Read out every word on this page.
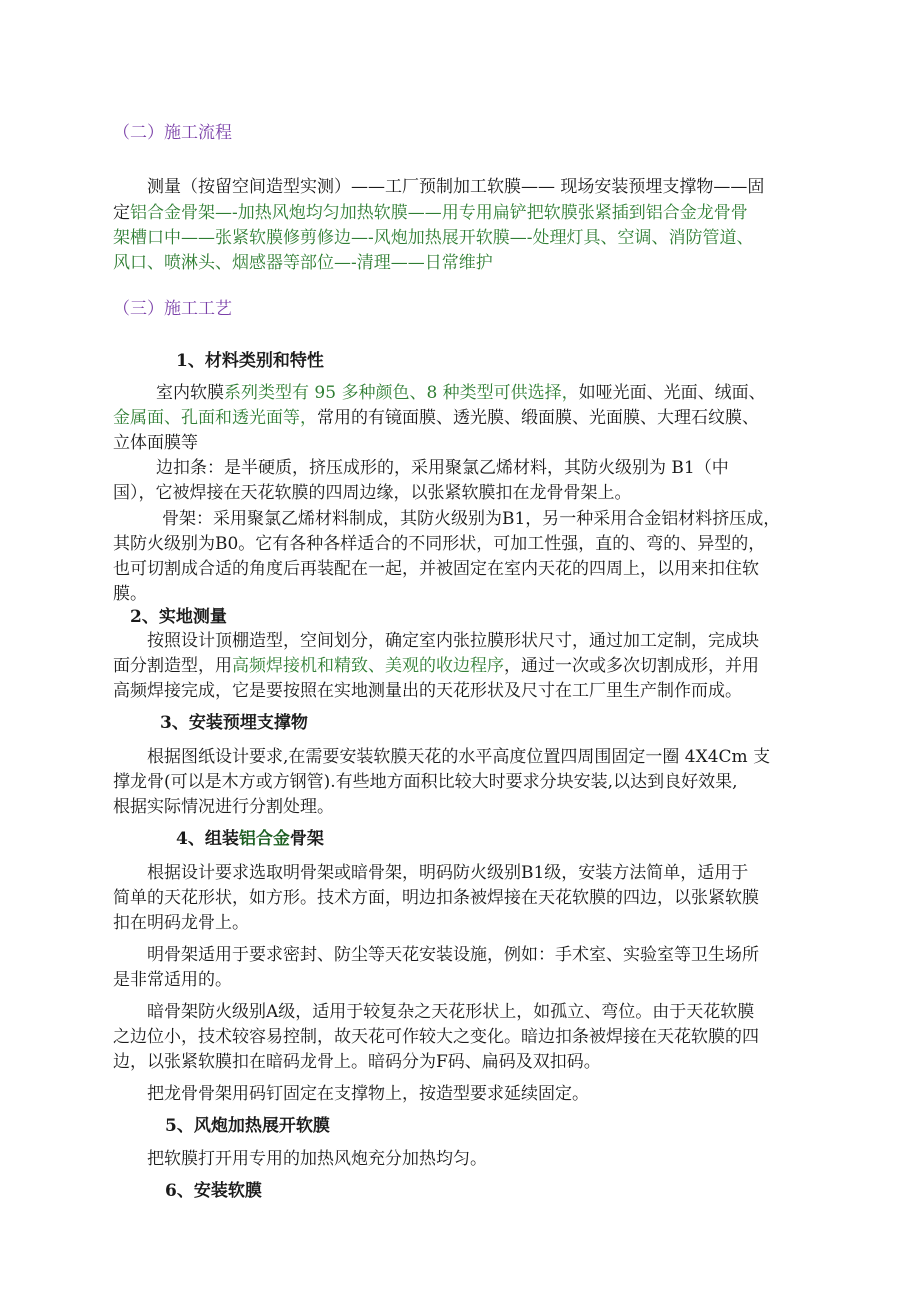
（二）施工流程
测量（按留空间造型实测）——工厂预制加工软膜—— 现场安装预埋支撑物——固
定铝合金骨架—-加热风炮均匀加热软膜——用专用扁铲把软膜张紧插到铝合金龙骨骨
架槽口中——张紧软膜修剪修边—-风炮加热展开软膜—-处理灯具、空调、消防管道、
风口、喷淋头、烟感器等部位—-清理——日常维护
（三）施工工艺
1、材料类别和特性
室内软膜系列类型有 95 多种颜色、8 种类型可供选择，如哑光面、光面、绒面、
金属面、孔面和透光面等，常用的有镜面膜、透光膜、缎面膜、光面膜、大理石纹膜、
立体面膜等
边扣条：是半硬质，挤压成形的，采用聚氯乙烯材料，其防火级别为 B1（中
国），它被焊接在天花软膜的四周边缘，以张紧软膜扣在龙骨骨架上。
骨架：采用聚氯乙烯材料制成，其防火级别为B1，另一种采用合金铝材料挤压成，
其防火级别为B0。它有各种各样适合的不同形状，可加工性强，直的、弯的、异型的，
也可切割成合适的角度后再装配在一起，并被固定在室内天花的四周上，以用来扣住软
膜。
2、实地测量
按照设计顶棚造型，空间划分，确定室内张拉膜形状尺寸，通过加工定制，完成块
面分割造型，用高频焊接机和精致、美观的收边程序，通过一次或多次切割成形，并用
高频焊接完成，它是要按照在实地测量出的天花形状及尺寸在工厂里生产制作而成。
3、安装预埋支撑物
根据图纸设计要求,在需要安装软膜天花的水平高度位置四周围固定一圈 4X4Cm 支
撑龙骨(可以是木方或方钢管).有些地方面积比较大时要求分块安装,以达到良好效果,
根据实际情况进行分割处理。
4、组装铝合金骨架
根据设计要求选取明骨架或暗骨架，明码防火级别B1级，安装方法简单，适用于
简单的天花形状，如方形。技术方面，明边扣条被焊接在天花软膜的四边，以张紧软膜
扣在明码龙骨上。
明骨架适用于要求密封、防尘等天花安装设施，例如：手术室、实验室等卫生场所
是非常适用的。
暗骨架防火级别A级，适用于较复杂之天花形状上，如孤立、弯位。由于天花软膜
之边位小，技术较容易控制，故天花可作较大之变化。暗边扣条被焊接在天花软膜的四
边，以张紧软膜扣在暗码龙骨上。暗码分为F码、扁码及双扣码。
把龙骨骨架用码钉固定在支撑物上，按造型要求延续固定。
5、风炮加热展开软膜
把软膜打开用专用的加热风炮充分加热均匀。
6、安装软膜
